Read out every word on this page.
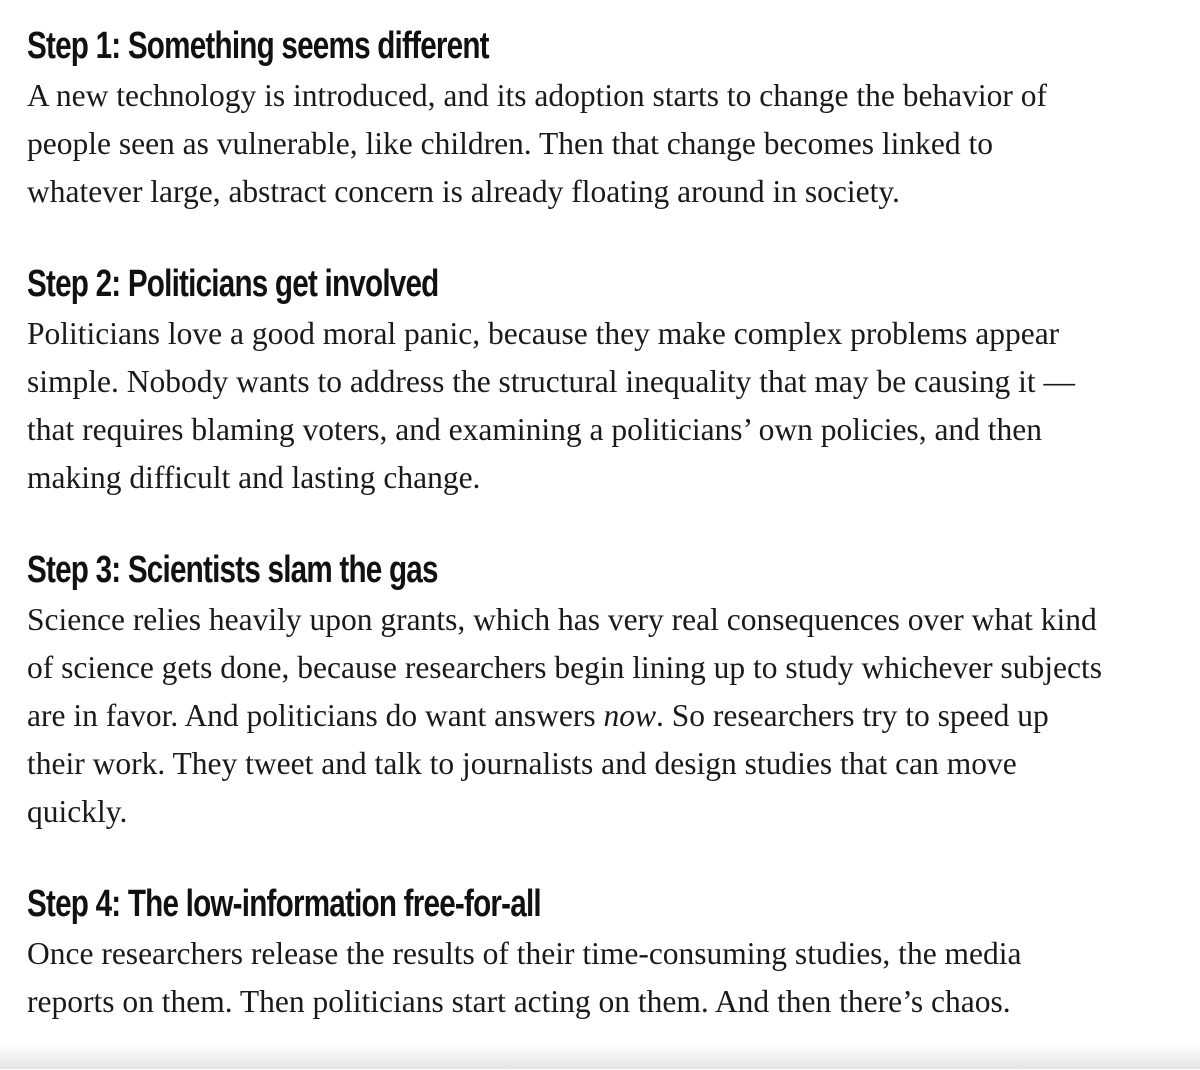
Step 1: Something seems different

A new technology is introduced, and its adoption starts to change the behavior of
people seen as vulnerable, like children. Then that change becomes linked to
whatever large, abstract concern is already floating around in society.

Step 2: Politicians get involved

Politicians love a good moral panic, because they make complex problems appear
simple. Nobody wants to address the structural inequality that may be causing it —
that requires blaming voters, and examining a politicians’ own policies, and then
making difficult and lasting change.

Step 3: Scientists slam the gas

Science relies heavily upon grants, which has very real consequences over what kind
of science gets done, because researchers begin lining up to study whichever subjects
are in favor. And politicians do want answers now. So researchers try to speed up
their work. They tweet and talk to journalists and design studies that can move
quickly.

Step 4: The low-information free-for-all

Once researchers release the results of their time-consuming studies, the media
reports on them. Then politicians start acting on them. And then there’s chaos.
